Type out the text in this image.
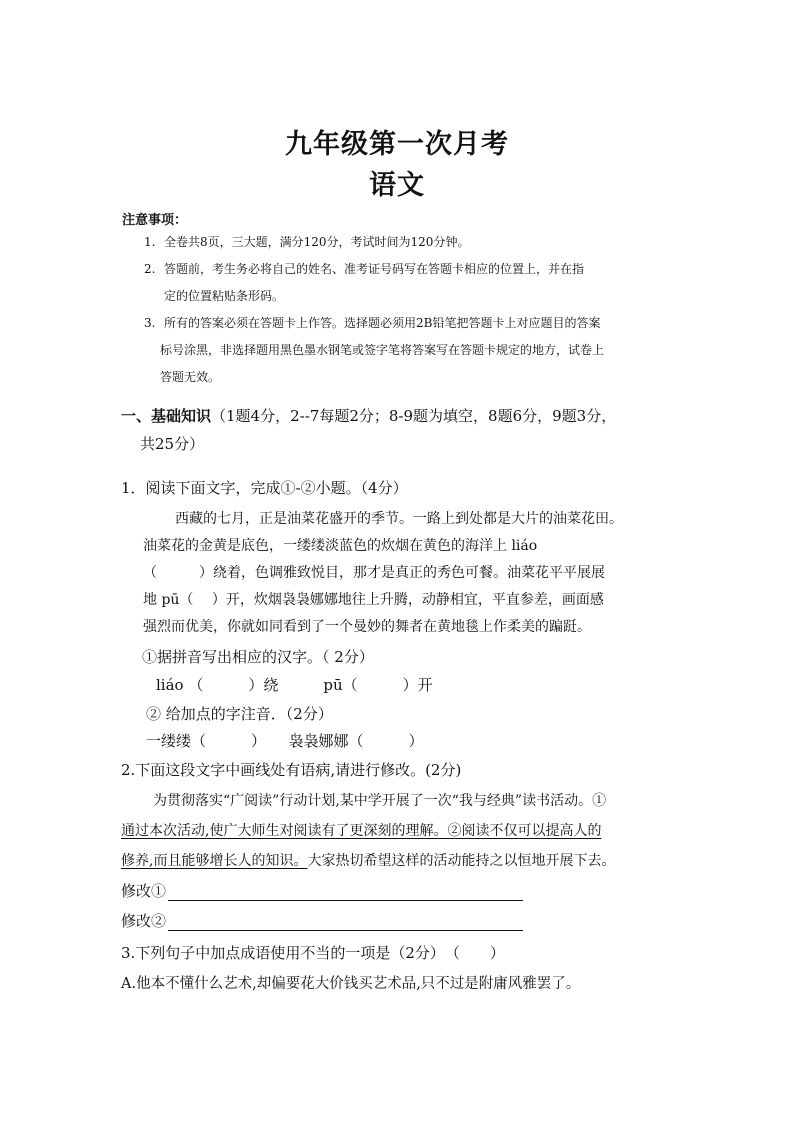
九年级第一次月考
语文
注意事项：
1. 全卷共8页，三大题，满分120分，考试时间为120分钟。
2. 答题前，考生务必将自己的姓名、准考证号码写在答题卡相应的位置上，并在指
定的位置粘贴条形码。
3. 所有的答案必须在答题卡上作答。选择题必须用2B铅笔把答题卡上对应题目的答案
标号涂黑，非选择题用黑色墨水钢笔或签字笔将答案写在答题卡规定的地方，试卷上
答题无效。
一、基础知识（1题4分，2--7每题2分；8-9题为填空，8题6分，9题3分，
共25分）
1．阅读下面文字，完成①-②小题。（4分）
西藏的七月，正是油菜花盛开的季节。一路上到处都是大片的油菜花田。
油菜花的金黄是底色，一缕缕淡蓝色的炊烟在黄色的海洋上 liáo
（　　　）绕着，色调雅致悦目，那才是真正的秀色可餐。油菜花平平展展
地 pū（　 ）开，炊烟袅袅娜娜地往上升腾，动静相宜，平直参差，画面感
强烈而优美，你就如同看到了一个曼妙的舞者在黄地毯上作柔美的蹁跹。
①据拼音写出相应的汉字。（ 2分）
liáo （　　　）绕　　　pū（　　　）开
② 给加点的字注音．（2分）
一缕缕（　　　）　　袅袅娜娜（　　　）
2.下面这段文字中画线处有语病,请进行修改。(2分)
为贯彻落实“广阅读”行动计划,某中学开展了一次“我与经典”读书活动。①
通过本次活动,使广大师生对阅读有了更深刻的理解。②阅读不仅可以提高人的
修养,而且能够增长人的知识。大家热切希望这样的活动能持之以恒地开展下去。
修改①
修改②
3.下列句子中加点成语使用不当的一项是（2分）　（　　）
A.他本不懂什么艺术,却偏要花大价钱买艺术品,只不过是附庸风雅罢了。
